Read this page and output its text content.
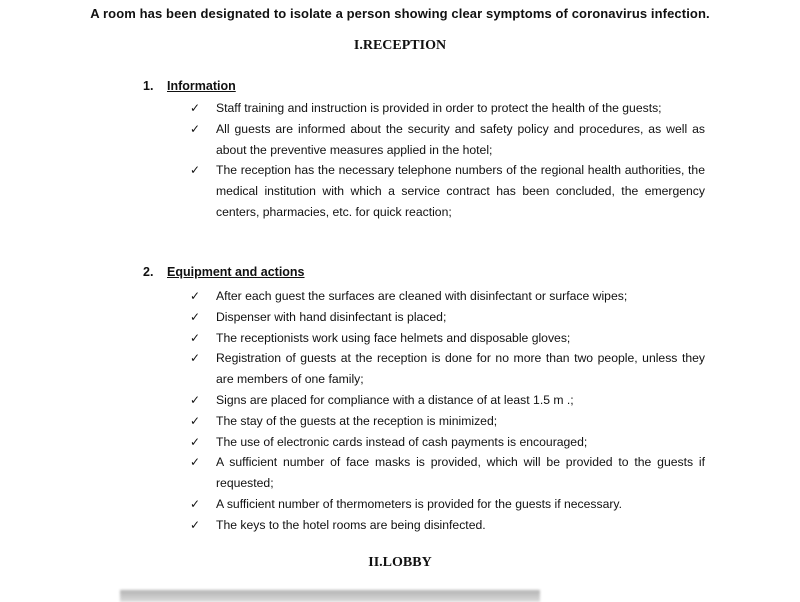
A room has been designated to isolate a person showing clear symptoms of coronavirus infection.
I.RECEPTION
1. Information
✓	Staff training and instruction is provided in order to protect the health of the guests;
✓	All guests are informed about the security and safety policy and procedures, as well as about the preventive measures applied in the hotel;
✓	The reception has the necessary telephone numbers of the regional health authorities, the medical institution with which a service contract has been concluded, the emergency centers, pharmacies, etc. for quick reaction;
2. Equipment and actions
✓	After each guest the surfaces are cleaned with disinfectant or surface wipes;
✓	Dispenser with hand disinfectant is placed;
✓	The receptionists work using face helmets and disposable gloves;
✓	Registration of guests at the reception is done for no more than two people, unless they are members of one family;
✓	Signs are placed for compliance with a distance of at least 1.5 m .;
✓	The stay of the guests at the reception is minimized;
✓	The use of electronic cards instead of cash payments is encouraged;
✓	A sufficient number of face masks is provided, which will be provided to the guests if requested;
✓	A sufficient number of thermometers is provided for the guests if necessary.
✓	The keys to the hotel rooms are being disinfected.
II.LOBBY
